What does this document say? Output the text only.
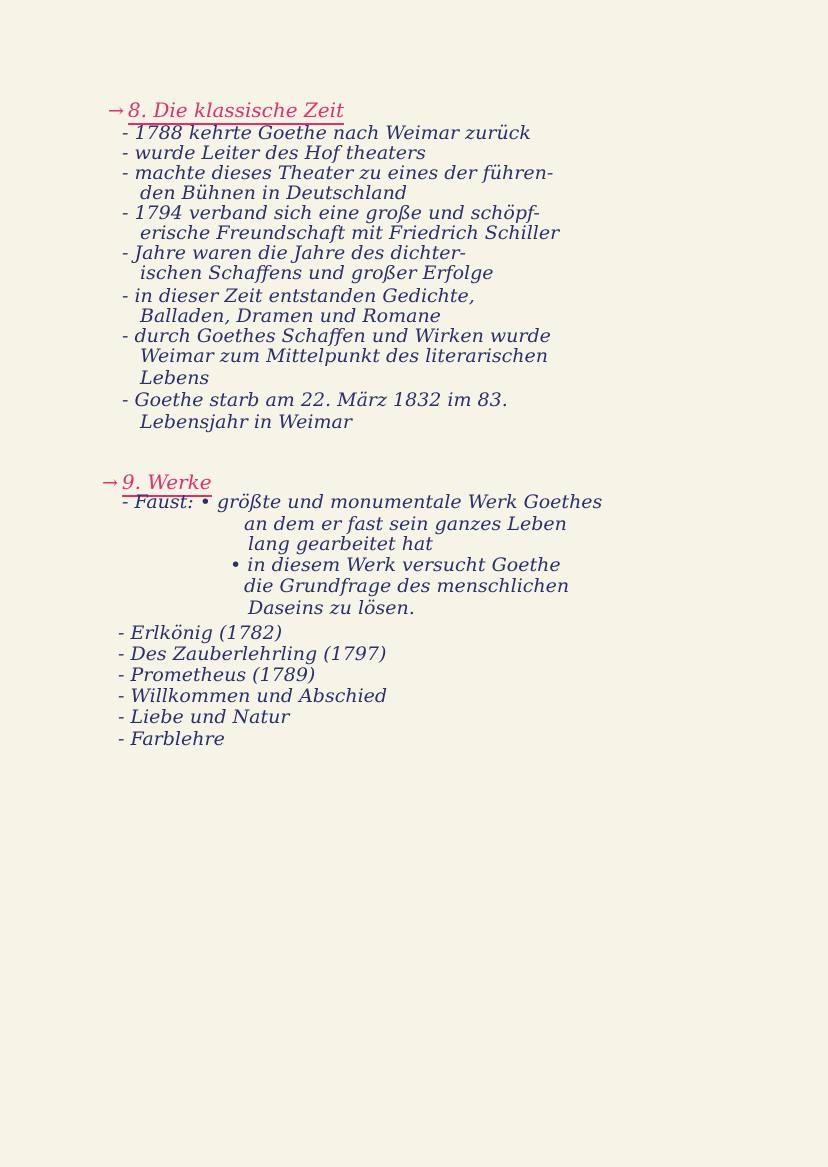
→ 8. Die klassische Zeit
- 1788 kehrte Goethe nach Weimar zurück
- wurde Leiter des Hof theaters
- machte dieses Theater zu eines der führen-
den Bühnen in Deutschland
- 1794 verband sich eine große und schöpf-
erische Freundschaft mit Friedrich Schiller
- Jahre waren die Jahre des dichter-
ischen Schaffens und großer Erfolge
- in dieser Zeit entstanden Gedichte,
Balladen, Dramen und Romane
- durch Goethes Schaffen und Wirken wurde
Weimar zum Mittelpunkt des literarischen
Lebens
- Goethe starb am 22. März 1832 im 83.
Lebensjahr in Weimar
→ 9. Werke
- Faust: • größte und monumentale Werk Goethes
an dem er fast sein ganzes Leben
lang gearbeitet hat
• in diesem Werk versucht Goethe
die Grundfrage des menschlichen
Daseins zu lösen.
- Erlkönig (1782)
- Des Zauberlehrling (1797)
- Prometheus (1789)
- Willkommen und Abschied
- Liebe und Natur
- Farblehre
